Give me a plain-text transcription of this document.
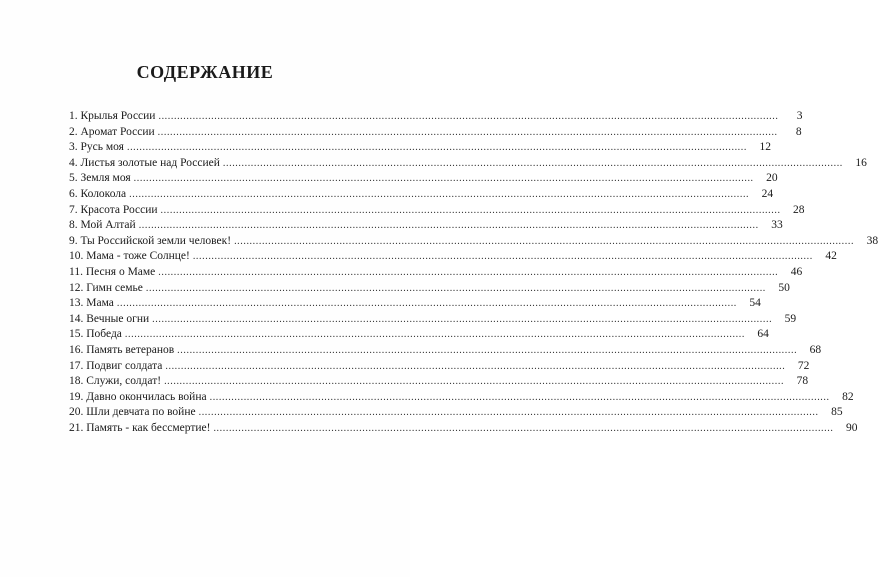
СОДЕРЖАНИЕ
1. Крылья России ........................................................................................................................................................................................................	3
2. Аромат России ........................................................................................................................................................................................................	8
3. Русь моя ........................................................................................................................................................................................................	12
4. Листья золотые над Россией ........................................................................................................................................................................................................	16
5. Земля моя ........................................................................................................................................................................................................	20
6. Колокола ........................................................................................................................................................................................................	24
7. Красота России ........................................................................................................................................................................................................	28
8. Мой Алтай ........................................................................................................................................................................................................	33
9. Ты Российской земли человек! ........................................................................................................................................................................................................	38
10. Мама - тоже Солнце! ........................................................................................................................................................................................................	42
11. Песня о Маме ........................................................................................................................................................................................................	46
12. Гимн семье ........................................................................................................................................................................................................	50
13. Мама ........................................................................................................................................................................................................	54
14. Вечные огни ........................................................................................................................................................................................................	59
15. Победа ........................................................................................................................................................................................................	64
16. Память ветеранов ........................................................................................................................................................................................................	68
17. Подвиг солдата ........................................................................................................................................................................................................	72
18. Служи, солдат! ........................................................................................................................................................................................................	78
19. Давно окончилась война ........................................................................................................................................................................................................	82
20. Шли девчата по войне ........................................................................................................................................................................................................	85
21. Память - как бессмертие! ........................................................................................................................................................................................................	90
